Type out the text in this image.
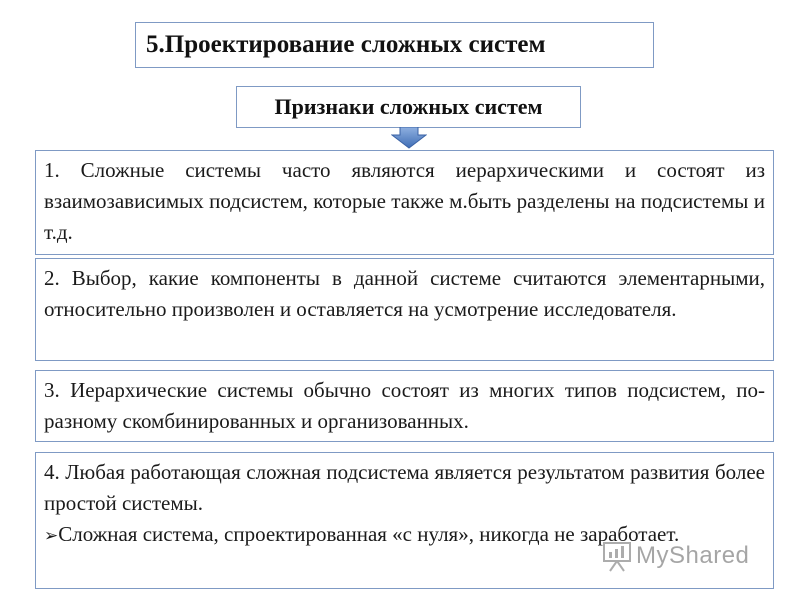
5.Проектирование сложных систем
Признаки сложных систем
1. Сложные системы часто являются иерархическими и состоят из взаимозависимых подсистем, которые также м.быть разделены на подсистемы и т.д.
2. Выбор, какие компоненты в данной системе считаются элементарными, относительно произволен и оставляется на усмотрение исследователя.
3. Иерархические системы обычно состоят из многих типов подсистем, по-разному скомбинированных и организованных.
4. Любая работающая сложная подсистема является результатом развития более простой системы.
➢Сложная система, спроектированная «с нуля», никогда не заработает.
MyShared
